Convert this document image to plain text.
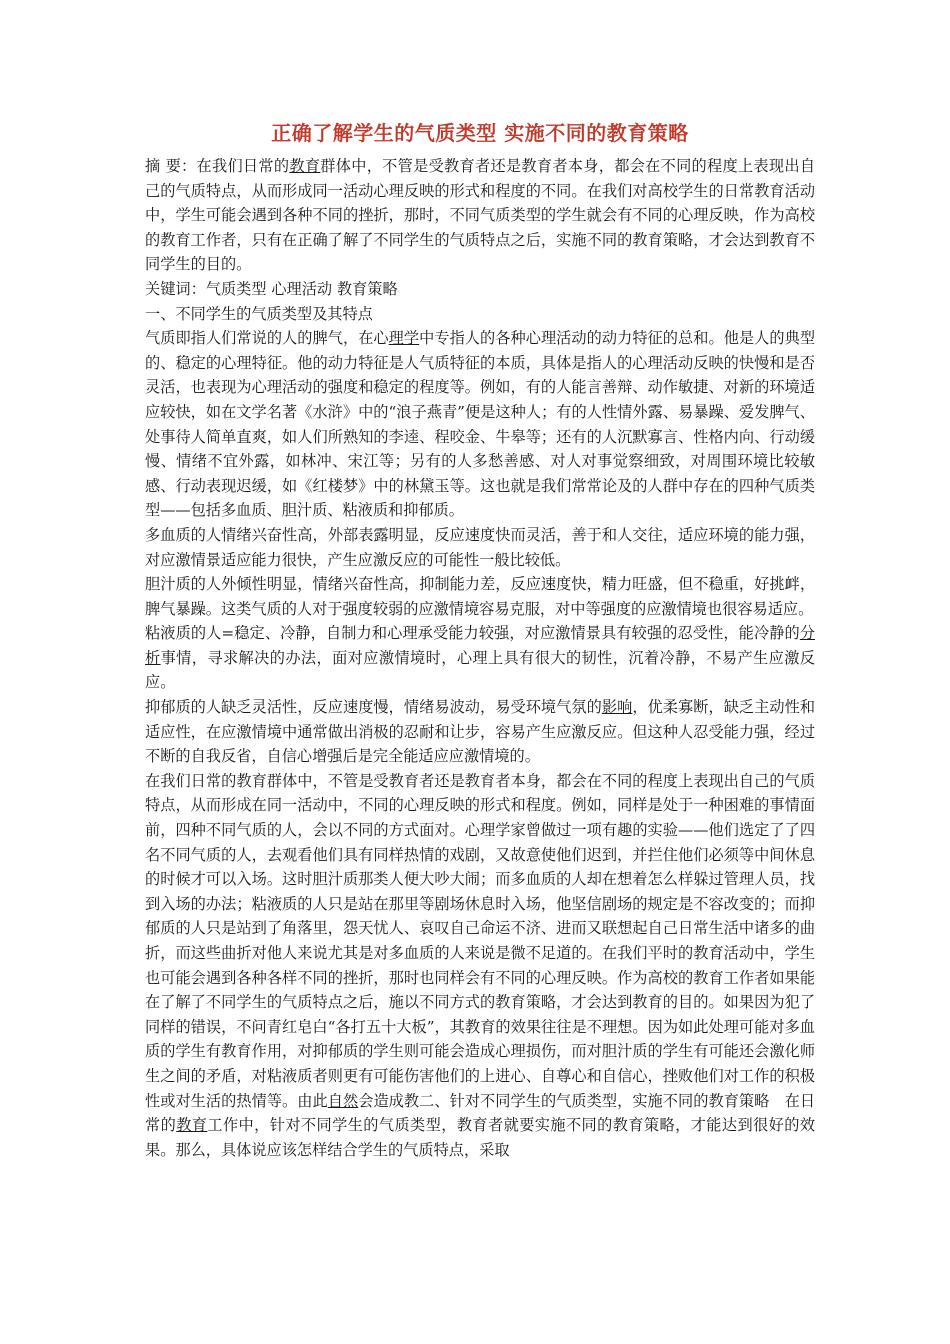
正确了解学生的气质类型 实施不同的教育策略

摘 要：在我们日常的教育群体中，不管是受教育者还是教育者本身，都会在不同的程度上表现出自己的气质特点，从而形成同一活动心理反映的形式和程度的不同。在我们对高校学生的日常教育活动中，学生可能会遇到各种不同的挫折，那时，不同气质类型的学生就会有不同的心理反映，作为高校的教育工作者，只有在正确了解了不同学生的气质特点之后，实施不同的教育策略，才会达到教育不同学生的目的。

关键词：气质类型 心理活动 教育策略

一、不同学生的气质类型及其特点

气质即指人们常说的人的脾气，在心理学中专指人的各种心理活动的动力特征的总和。他是人的典型的、稳定的心理特征。他的动力特征是人气质特征的本质，具体是指人的心理活动反映的快慢和是否灵活，也表现为心理活动的强度和稳定的程度等。例如，有的人能言善辩、动作敏捷、对新的环境适应较快，如在文学名著《水浒》中的“浪子燕青”便是这种人；有的人性情外露、易暴躁、爱发脾气、处事待人简单直爽，如人们所熟知的李逵、程咬金、牛皋等；还有的人沉默寡言、性格内向、行动缓慢、情绪不宜外露，如林冲、宋江等；另有的人多愁善感、对人对事觉察细致，对周围环境比较敏感、行动表现迟缓，如《红楼梦》中的林黛玉等。这也就是我们常常论及的人群中存在的四种气质类型——包括多血质、胆汁质、粘液质和抑郁质。

多血质的人情绪兴奋性高，外部表露明显，反应速度快而灵活，善于和人交往，适应环境的能力强，对应激情景适应能力很快，产生应激反应的可能性一般比较低。

胆汁质的人外倾性明显，情绪兴奋性高，抑制能力差，反应速度快，精力旺盛，但不稳重，好挑衅，脾气暴躁。这类气质的人对于强度较弱的应激情境容易克服，对中等强度的应激情境也很容易适应。

粘液质的人=稳定、冷静，自制力和心理承受能力较强，对应激情景具有较强的忍受性，能冷静的分析事情，寻求解决的办法，面对应激情境时，心理上具有很大的韧性，沉着冷静，不易产生应激反应。

抑郁质的人缺乏灵活性，反应速度慢，情绪易波动，易受环境气氛的影响，优柔寡断，缺乏主动性和适应性，在应激情境中通常做出消极的忍耐和让步，容易产生应激反应。但这种人忍受能力强，经过不断的自我反省，自信心增强后是完全能适应应激情境的。

在我们日常的教育群体中，不管是受教育者还是教育者本身，都会在不同的程度上表现出自己的气质特点，从而形成在同一活动中，不同的心理反映的形式和程度。例如，同样是处于一种困难的事情面前，四种不同气质的人，会以不同的方式面对。心理学家曾做过一项有趣的实验——他们选定了了四名不同气质的人，去观看他们具有同样热情的戏剧，又故意使他们迟到，并拦住他们必须等中间休息的时候才可以入场。这时胆汁质那类人便大吵大闹；而多血质的人却在想着怎么样躲过管理人员，找到入场的办法；粘液质的人只是站在那里等剧场休息时入场，他坚信剧场的规定是不容改变的；而抑郁质的人只是站到了角落里，怨天忧人、哀叹自己命运不济、进而又联想起自己日常生活中诸多的曲折，而这些曲折对他人来说尤其是对多血质的人来说是微不足道的。在我们平时的教育活动中，学生也可能会遇到各种各样不同的挫折，那时也同样会有不同的心理反映。作为高校的教育工作者如果能在了解了不同学生的气质特点之后，施以不同方式的教育策略，才会达到教育的目的。如果因为犯了同样的错误，不问青红皂白“各打五十大板”，其教育的效果往往是不理想。因为如此处理可能对多血质的学生有教育作用，对抑郁质的学生则可能会造成心理损伤，而对胆汁质的学生有可能还会激化师生之间的矛盾，对粘液质者则更有可能伤害他们的上进心、自尊心和自信心，挫败他们对工作的积极性或对生活的热情等。由此自然会造成教二、针对不同学生的气质类型，实施不同的教育策略　在日常的教育工作中，针对不同学生的气质类型，教育者就要实施不同的教育策略，才能达到很好的效果。那么，具体说应该怎样结合学生的气质特点，采取
